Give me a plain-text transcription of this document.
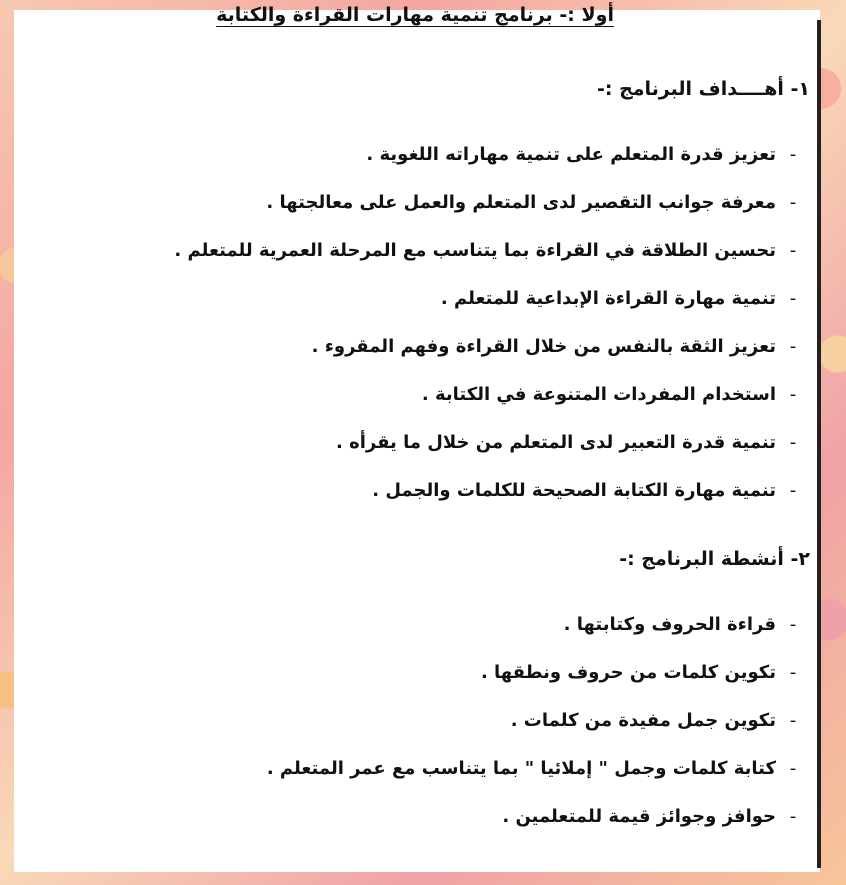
أولا :- برنامج تنمية مهارات القراءة والكتابة
١- أهــــداف البرنامج :-
-
تعزيز قدرة المتعلم على تنمية مهاراته اللغوية .
-
معرفة جوانب التقصير لدى المتعلم والعمل على معالجتها .
-
تحسين الطلاقة في القراءة بما يتناسب مع المرحلة العمرية للمتعلم .
-
تنمية مهارة القراءة الإبداعية للمتعلم .
-
تعزيز الثقة بالنفس من خلال القراءة وفهم المقروء .
-
استخدام المفردات المتنوعة في الكتابة .
-
تنمية قدرة التعبير لدى المتعلم من خلال ما يقرأه .
-
تنمية مهارة الكتابة الصحيحة للكلمات والجمل .
٢- أنشطة البرنامج :-
-
قراءة الحروف وكتابتها .
-
تكوين كلمات من حروف ونطقها .
-
تكوين جمل مفيدة من كلمات .
-
كتابة كلمات وجمل " إملائيا " بما يتناسب مع عمر المتعلم .
-
حوافز وجوائز قيمة للمتعلمين .
